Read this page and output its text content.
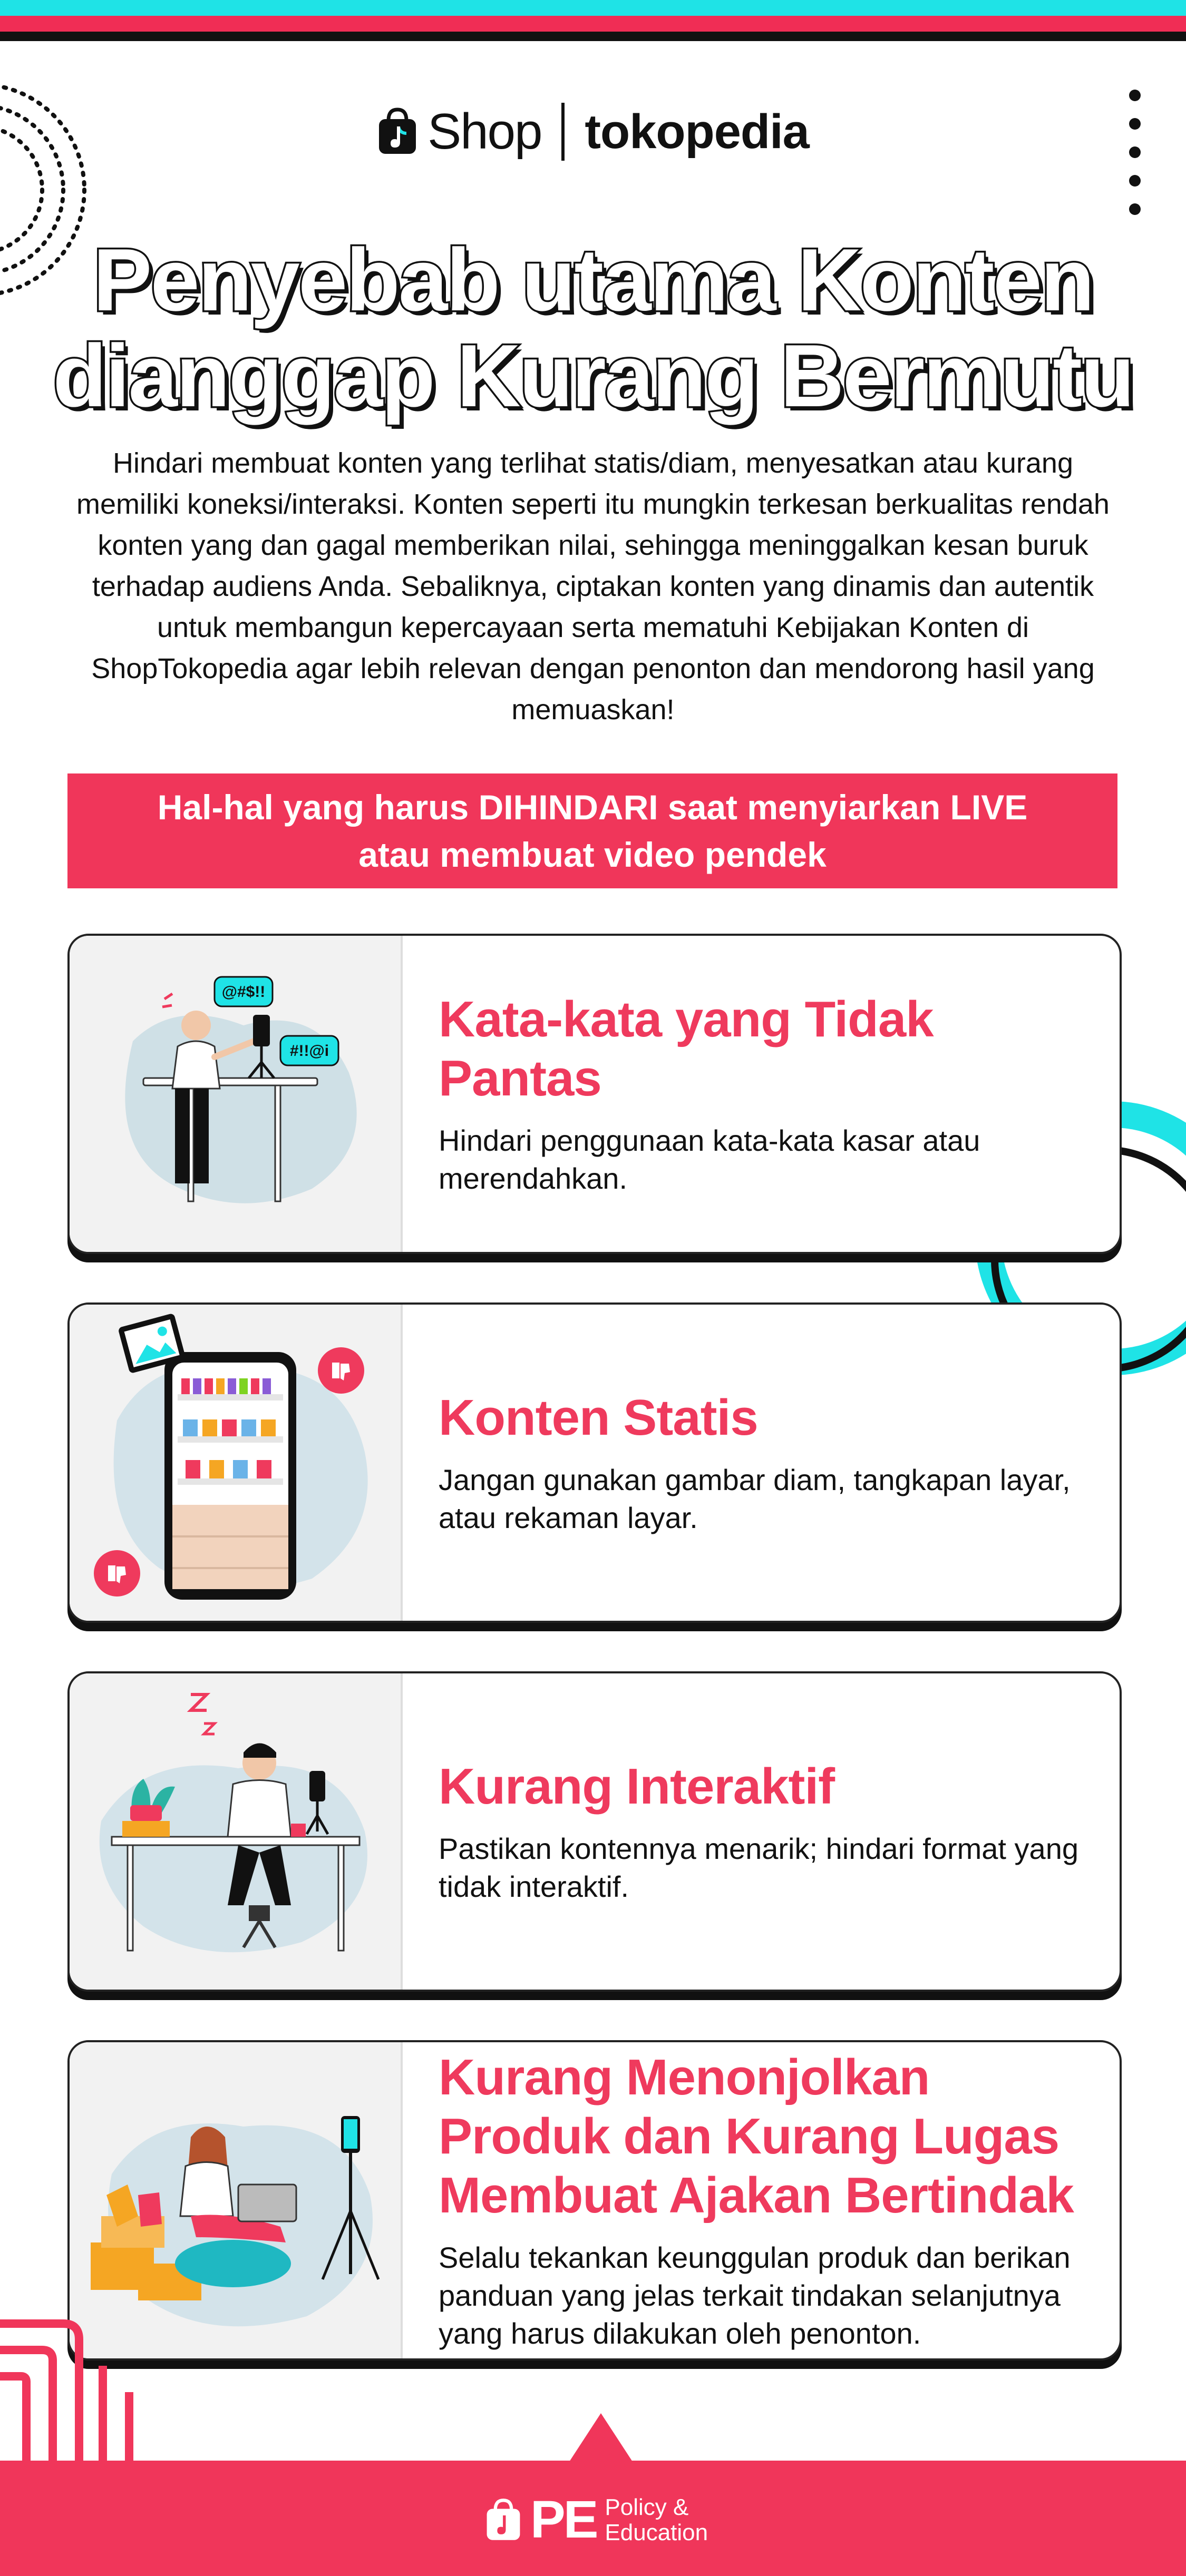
Shop tokopedia
Penyebab utama Konten
dianggap Kurang Bermutu
Hindari membuat konten yang terlihat statis/diam, menyesatkan atau kurang memiliki koneksi/interaksi. Konten seperti itu mungkin terkesan berkualitas rendah konten yang dan gagal memberikan nilai, sehingga meninggalkan kesan buruk terhadap audiens Anda. Sebaliknya, ciptakan konten yang dinamis dan autentik untuk membangun kepercayaan serta mematuhi Kebijakan Konten di ShopTokopedia agar lebih relevan dengan penonton dan mendorong hasil yang memuaskan!
Hal-hal yang harus DIHINDARI saat menyiarkan LIVE atau membuat video pendek
@#$!!
#!!@i
Kata-kata yang Tidak Pantas
Hindari penggunaan kata-kata kasar atau merendahkan.
Konten Statis
Jangan gunakan gambar diam, tangkapan layar, atau rekaman layar.
Kurang Interaktif
Pastikan kontennya menarik; hindari format yang tidak interaktif.
Kurang Menonjolkan Produk dan Kurang Lugas Membuat Ajakan Bertindak
Selalu tekankan keunggulan produk dan berikan panduan yang jelas terkait tindakan selanjutnya yang harus dilakukan oleh penonton.
PE Policy &
Education
